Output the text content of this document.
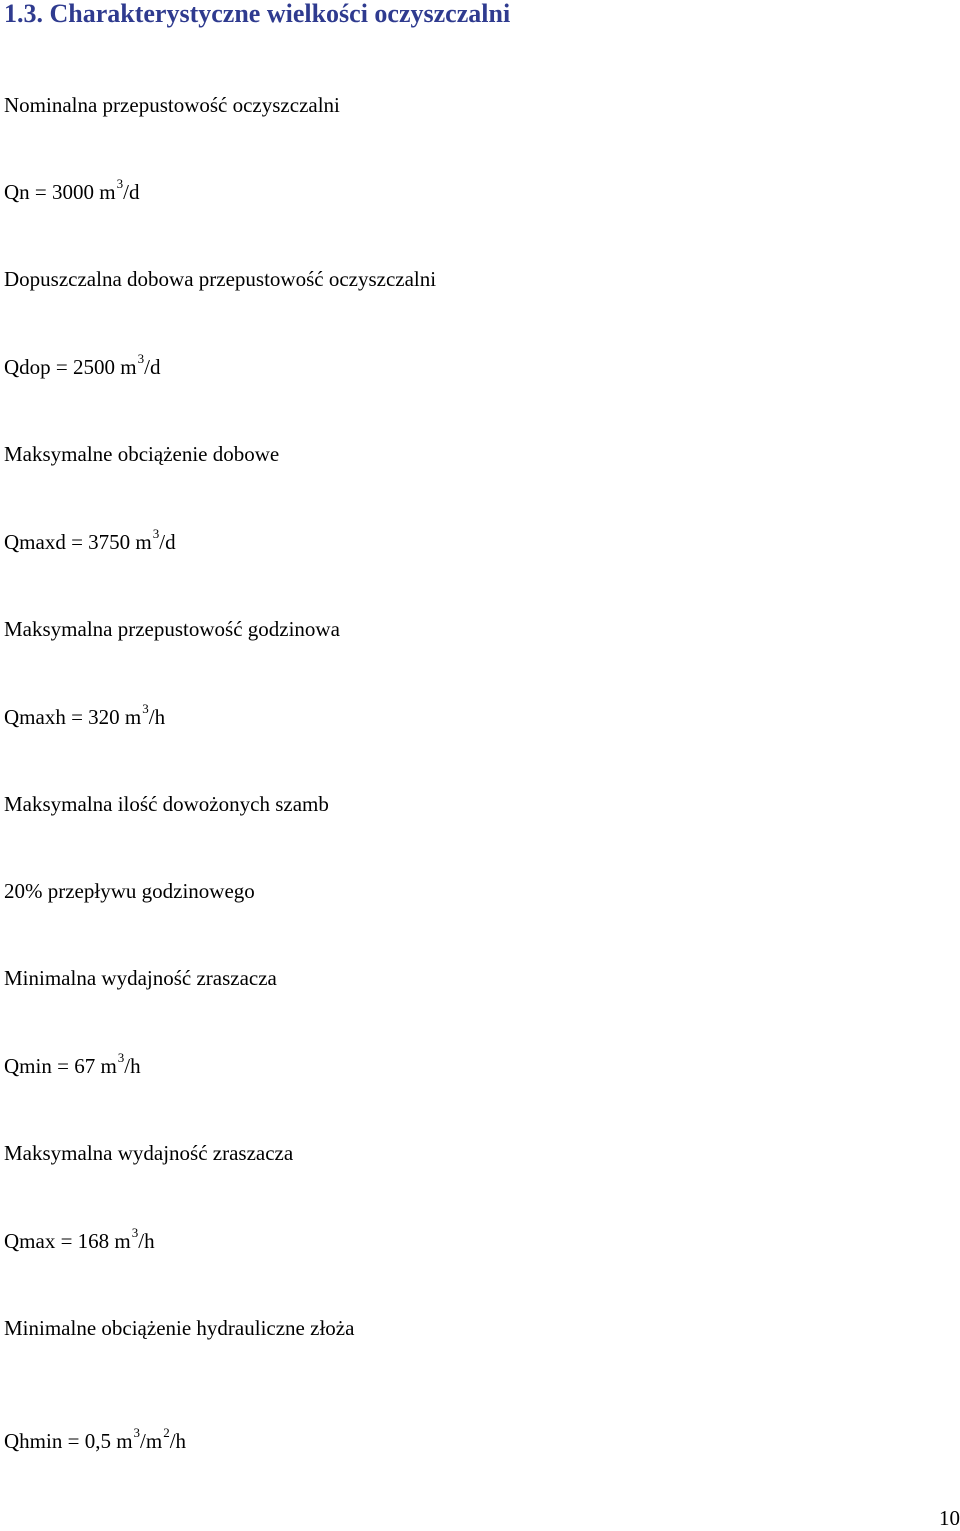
1.3. Charakterystyczne wielkości oczyszczalni
Nominalna przepustowość oczyszczalni
Qn = 3000 $m^3/d$
Dopuszczalna dobowa przepustowość oczyszczalni
Qdop = 2500 $m^3/d$
Maksymalne obciążenie dobowe
Qmaxd = 3750 $m^3/d$
Maksymalna przepustowość godzinowa
Qmaxh = 320 $m^3/h$
Maksymalna ilość dowożonych szamb
20% przepływu godzinowego
Minimalna wydajność zraszacza
Qmin = 67 $m^3/h$
Maksymalna wydajność zraszacza
Qmax = 168 $m^3/h$
Minimalne obciążenie hydrauliczne złoża
Qhmin = 0,5 $m^3/m^2/h$
10
